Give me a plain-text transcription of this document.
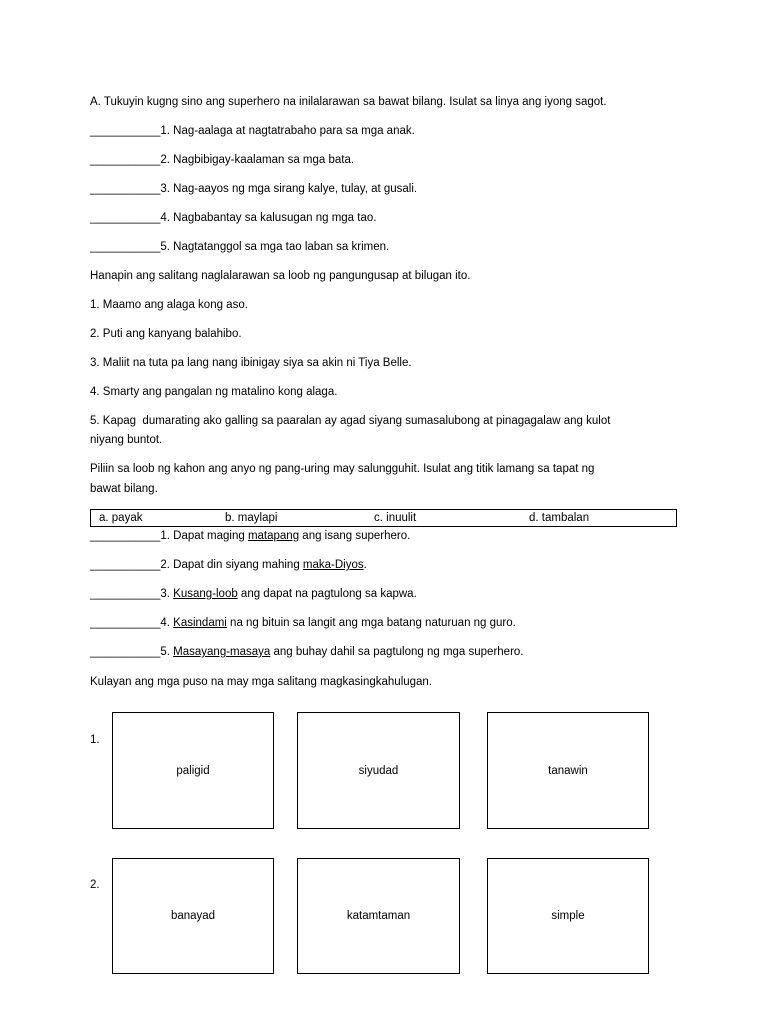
A. Tukuyin kugng sino ang superhero na inilalarawan sa bawat bilang. Isulat sa linya ang iyong sagot.
___________1. Nag-aalaga at nagtatrabaho para sa mga anak.
___________2. Nagbibigay-kaalaman sa mga bata.
___________3. Nag-aayos ng mga sirang kalye, tulay, at gusali.
___________4. Nagbabantay sa kalusugan ng mga tao.
___________5. Nagtatanggol sa mga tao laban sa krimen.
Hanapin ang salitang naglalarawan sa loob ng pangungusap at bilugan ito.
1. Maamo ang alaga kong aso.
2. Puti ang kanyang balahibo.
3. Maliit na tuta pa lang nang ibinigay siya sa akin ni Tiya Belle.
4. Smarty ang pangalan ng matalino kong alaga.
5. Kapag  dumarating ako galling sa paaralan ay agad siyang sumasalubong at pinagagalaw ang kulot
niyang buntot.
Piliin sa loob ng kahon ang anyo ng pang-uring may salungguhit. Isulat ang titik lamang sa tapat ng
bawat bilang.
a. payak	b. maylapi	c. inuulit	d. tambalan
___________1. Dapat maging matapang ang isang superhero.
___________2. Dapat din siyang mahing maka-Diyos.
___________3. Kusang-loob ang dapat na pagtulong sa kapwa.
___________4. Kasindami na ng bituin sa langit ang mga batang naturuan ng guro.
___________5. Masayang-masaya ang buhay dahil sa pagtulong ng mga superhero.
Kulayan ang mga puso na may mga salitang magkasingkahulugan.
1.
paligid	siyudad	tanawin
2.
banayad	katamtaman	simple
